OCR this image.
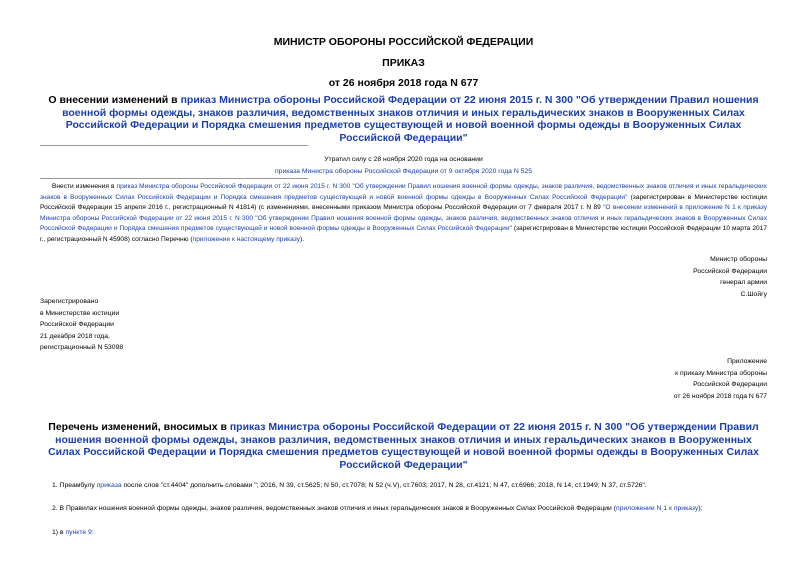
МИНИСТР ОБОРОНЫ РОССИЙСКОЙ ФЕДЕРАЦИИ
ПРИКАЗ
от 26 ноября 2018 года N 677
О внесении изменений в приказ Министра обороны Российской Федерации от 22 июня 2015 г. N 300 "Об утверждении Правил ношения военной формы одежды, знаков различия, ведомственных знаков отличия и иных геральдических знаков в Вооруженных Силах Российской Федерации и Порядка смешения предметов существующей и новой военной формы одежды в Вооруженных Силах Российской Федерации"
Утратил силу с 28 ноября 2020 года на основании
приказа Министра обороны Российской Федерации от 9 октября 2020 года N 525
Внести изменения в приказ Министра обороны Российской Федерации от 22 июня 2015 г. N 300 "Об утверждении Правил ношения военной формы одежды, знаков различия, ведомственных знаков отличия и иных геральдических знаков в Вооруженных Силах Российской Федерации и Порядка смешения предметов существующей и новой военной формы одежды в Вооруженных Силах Российской Федерации" (зарегистрирован в Министерстве юстиции Российской Федерации 15 апреля 2016 г., регистрационный N 41814) (с изменениями, внесенными приказом Министра обороны Российской Федерации от 7 февраля 2017 г. N 89 "О внесении изменений в приложение N 1 к приказу Министра обороны Российской Федерации от 22 июня 2015 г. N 300 "Об утверждении Правил ношения военной формы одежды, знаков различия, ведомственных знаков отличия и иных геральдических знаков в Вооруженных Силах Российской Федерации и Порядка смешения предметов существующей и новой военной формы одежды в Вооруженных Силах Российской Федерации" (зарегистрирован в Министерстве юстиции Российской Федерации 10 марта 2017 г., регистрационный N 45908) согласно Перечню (приложение к настоящему приказу).
Министр обороны
Российской Федерации
генерал армии
С.Шойгу
Зарегистрировано
в Министерстве юстиции
Российской Федерации
21 декабря 2018 года,
регистрационный N 53098
Приложение
к приказу Министра обороны
Российской Федерации
от 26 ноября 2018 года N 677
Перечень изменений, вносимых в приказ Министра обороны Российской Федерации от 22 июня 2015 г. N 300 "Об утверждении Правил ношения военной формы одежды, знаков различия, ведомственных знаков отличия и иных геральдических знаков в Вооруженных Силах Российской Федерации и Порядка смешения предметов существующей и новой военной формы одежды в Вооруженных Силах Российской Федерации"
1. Преамбулу приказа после слов "ст.4404" дополнить словами "; 2016, N 39, ст.5625; N 50, ст.7078; N 52 (ч.V), ст.7603; 2017, N 28, ст.4121; N 47, ст.6966; 2018, N 14, ст.1949; N 37, ст.5726".
2. В Правилах ношения военной формы одежды, знаков различия, ведомственных знаков отличия и иных геральдических знаков в Вооруженных Силах Российской Федерации (приложение N 1 к приказу):
1) в пункте 9:
